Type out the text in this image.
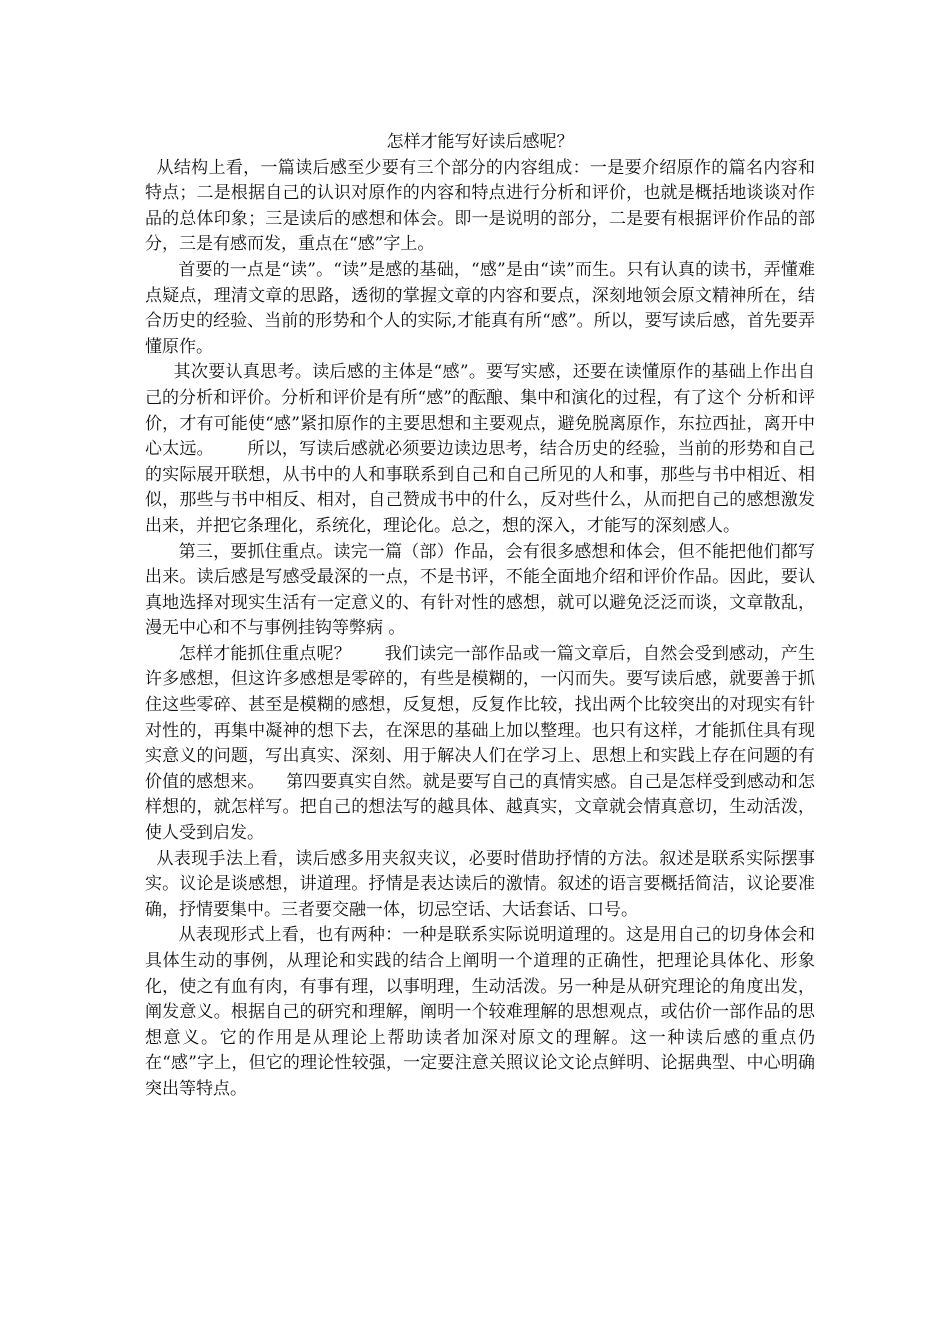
怎样才能写好读后感呢？

从结构上看，一篇读后感至少要有三个部分的内容组成：一是要介绍原作的篇名内容和特点；二是根据自己的认识对原作的内容和特点进行分析和评价，也就是概括地谈谈对作品的总体印象；三是读后的感想和体会。即一是说明的部分，二是要有根据评价作品的部分，三是有感而发，重点在“感”字上。

首要的一点是“读”。“读”是感的基础，“感”是由“读”而生。只有认真的读书，弄懂难点疑点，理清文章的思路，透彻的掌握文章的内容和要点，深刻地领会原文精神所在，结合历史的经验、当前的形势和个人的实际,才能真有所“感”。所以，要写读后感，首先要弄懂原作。

其次要认真思考。读后感的主体是“感”。要写实感，还要在读懂原作的基础上作出自己的分析和评价。分析和评价是有所“感”的酝酿、集中和演化的过程，有了这个 分析和评价，才有可能使“感”紧扣原作的主要思想和主要观点，避免脱离原作，东拉西扯，离开中心太远。      所以，写读后感就必须要边读边思考，结合历史的经验，当前的形势和自己的实际展开联想，从书中的人和事联系到自己和自己所见的人和事，那些与书中相近、相似，那些与书中相反、相对，自己赞成书中的什么，反对些什么，从而把自己的感想激发出来，并把它条理化，系统化，理论化。总之，想的深入，才能写的深刻感人。

第三，要抓住重点。读完一篇（部）作品，会有很多感想和体会，但不能把他们都写出来。读后感是写感受最深的一点，不是书评，不能全面地介绍和评价作品。因此，要认真地选择对现实生活有一定意义的、有针对性的感想，就可以避免泛泛而谈，文章散乱，漫无中心和不与事例挂钩等弊病 。

怎样才能抓住重点呢？      我们读完一部作品或一篇文章后，自然会受到感动，产生许多感想，但这许多感想是零碎的，有些是模糊的，一闪而失。要写读后感，就要善于抓住这些零碎、甚至是模糊的感想，反复想，反复作比较，找出两个比较突出的对现实有针对性的，再集中凝神的想下去，在深思的基础上加以整理。也只有这样，才能抓住具有现实意义的问题，写出真实、深刻、用于解决人们在学习上、思想上和实践上存在问题的有价值的感想来。    第四要真实自然。就是要写自己的真情实感。自己是怎样受到感动和怎样想的，就怎样写。把自己的想法写的越具体、越真实，文章就会情真意切，生动活泼，使人受到启发。

从表现手法上看，读后感多用夹叙夹议，必要时借助抒情的方法。叙述是联系实际摆事实。议论是谈感想，讲道理。抒情是表达读后的激情。叙述的语言要概括简洁，议论要准确，抒情要集中。三者要交融一体，切忌空话、大话套话、口号。

从表现形式上看，也有两种：一种是联系实际说明道理的。这是用自己的切身体会和具体生动的事例，从理论和实践的结合上阐明一个道理的正确性，把理论具体化、形象化，使之有血有肉，有事有理，以事明理，生动活泼。另一种是从研究理论的角度出发，阐发意义。根据自己的研究和理解，阐明一个较难理解的思想观点，或估价一部作品的思想意义。它的作用是从理论上帮助读者加深对原文的理解。这一种读后感的重点仍在“感”字上，但它的理论性较强，一定要注意关照议论文论点鲜明、论据典型、中心明确突出等特点。
